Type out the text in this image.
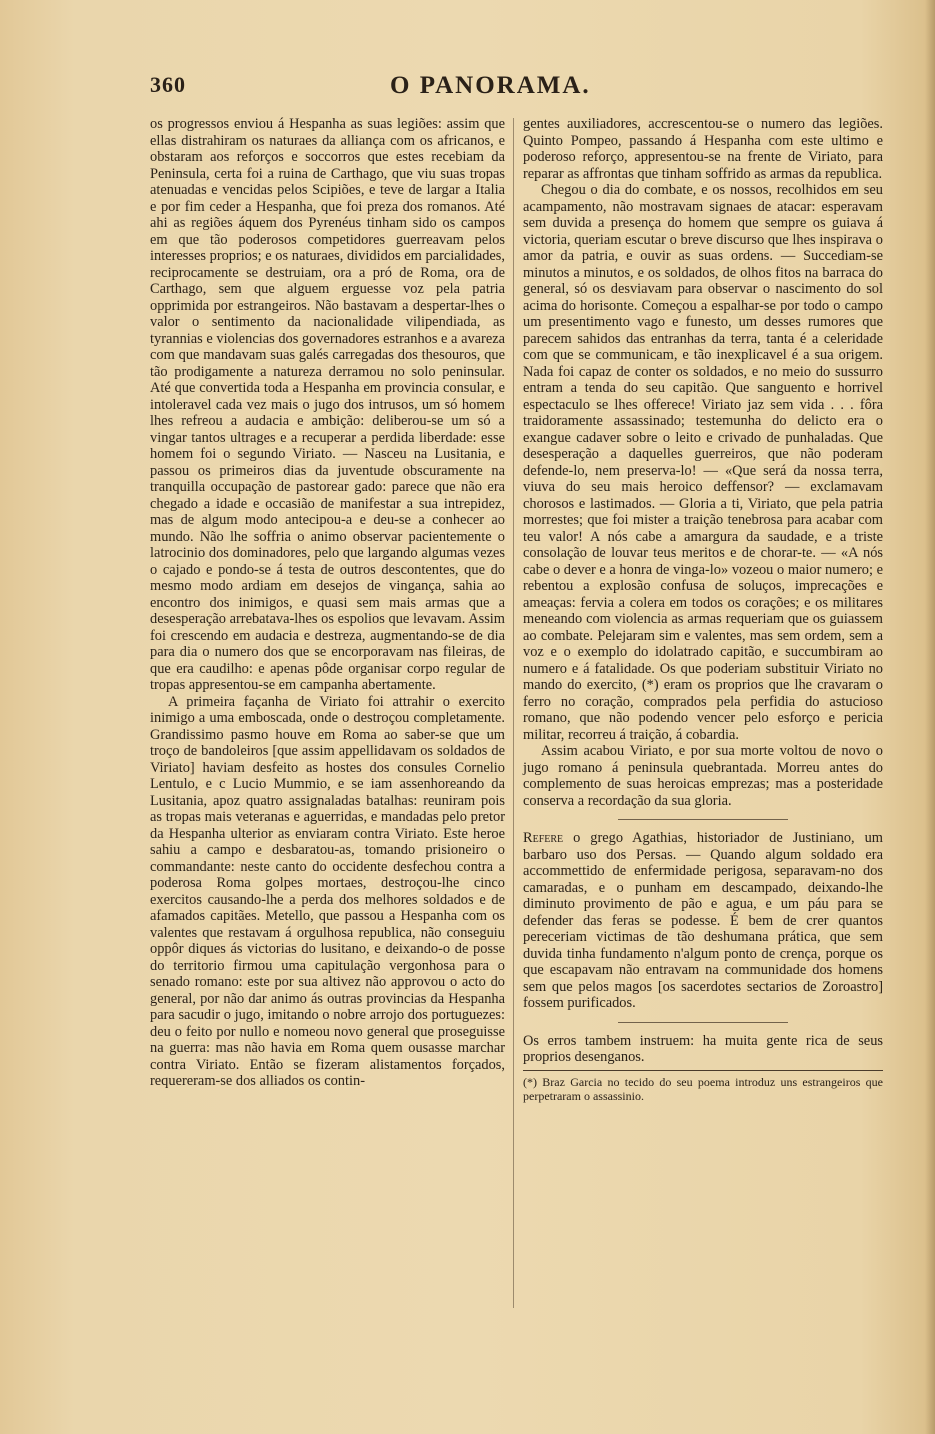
360	O PANORAMA.

os progressos enviou á Hespanha as suas legiões: assim que ellas distrahiram os naturaes da alliança com os africanos, e obstaram aos reforços e soccorros que estes recebiam da Peninsula, certa foi a ruina de Carthago, que viu suas tropas atenuadas e vencidas pelos Scipiões, e teve de largar a Italia e por fim ceder a Hespanha, que foi preza dos romanos. Até ahi as regiões áquem dos Pyrenéus tinham sido os campos em que tão poderosos competidores guerreavam pelos interesses proprios; e os naturaes, divididos em parcialidades, reciprocamente se destruiam, ora a pró de Roma, ora de Carthago, sem que alguem erguesse voz pela patria opprimida por estrangeiros. Não bastavam a despertar-lhes o valor o sentimento da nacionalidade vilipendiada, as tyrannias e violencias dos governadores estranhos e a avareza com que mandavam suas galés carregadas dos thesouros, que tão prodigamente a natureza derramou no solo peninsular. Até que convertida toda a Hespanha em provincia consular, e intoleravel cada vez mais o jugo dos intrusos, um só homem lhes refreou a audacia e ambição: deliberou-se um só a vingar tantos ultrages e a recuperar a perdida liberdade: esse homem foi o segundo Viriato. — Nasceu na Lusitania, e passou os primeiros dias da juventude obscuramente na tranquilla occupação de pastorear gado: parece que não era chegado a idade e occasião de manifestar a sua intrepidez, mas de algum modo antecipou-a e deu-se a conhecer ao mundo. Não lhe soffria o animo observar pacientemente o latrocinio dos dominadores, pelo que largando algumas vezes o cajado e pondo-se á testa de outros descontentes, que do mesmo modo ardiam em desejos de vingança, sahia ao encontro dos inimigos, e quasi sem mais armas que a desesperação arrebatava-lhes os espolios que levavam. Assim foi crescendo em audacia e destreza, augmentando-se de dia para dia o numero dos que se encorporavam nas fileiras, de que era caudilho: e apenas pôde organisar corpo regular de tropas appresentou-se em campanha abertamente.

A primeira façanha de Viriato foi attrahir o exercito inimigo a uma emboscada, onde o destroçou completamente. Grandissimo pasmo houve em Roma ao saber-se que um troço de bandoleiros [que assim appellidavam os soldados de Viriato] haviam desfeito as hostes dos consules Cornelio Lentulo, e c Lucio Mummio, e se iam assenhoreando da Lusitania, apoz quatro assignaladas batalhas: reuniram pois as tropas mais veteranas e aguerridas, e mandadas pelo pretor da Hespanha ulterior as enviaram contra Viriato. Este heroe sahiu a campo e desbaratou-as, tomando prisioneiro o commandante: neste canto do occidente desfechou contra a poderosa Roma golpes mortaes, destroçou-lhe cinco exercitos causando-lhe a perda dos melhores soldados e de afamados capitães. Metello, que passou a Hespanha com os valentes que restavam á orgulhosa republica, não conseguiu oppôr diques ás victorias do lusitano, e deixando-o de posse do territorio firmou uma capitulação vergonhosa para o senado romano: este por sua altivez não approvou o acto do general, por não dar animo ás outras provincias da Hespanha para sacudir o jugo, imitando o nobre arrojo dos portuguezes: deu o feito por nullo e nomeou novo general que proseguisse na guerra: mas não havia em Roma quem ousasse marchar contra Viriato. Então se fizeram alistamentos forçados, requereram-se dos alliados os contin-

gentes auxiliadores, accrescentou-se o numero das legiões. Quinto Pompeo, passando á Hespanha com este ultimo e poderoso reforço, appresentou-se na frente de Viriato, para reparar as affrontas que tinham soffrido as armas da republica.

Chegou o dia do combate, e os nossos, recolhidos em seu acampamento, não mostravam signaes de atacar: esperavam sem duvida a presença do homem que sempre os guiava á victoria, queriam escutar o breve discurso que lhes inspirava o amor da patria, e ouvir as suas ordens. — Succediam-se minutos a minutos, e os soldados, de olhos fitos na barraca do general, só os desviavam para observar o nascimento do sol acima do horisonte. Começou a espalhar-se por todo o campo um presentimento vago e funesto, um desses rumores que parecem sahidos das entranhas da terra, tanta é a celeridade com que se communicam, e tão inexplicavel é a sua origem. Nada foi capaz de conter os soldados, e no meio do sussurro entram a tenda do seu capitão. Que sanguento e horrivel espectaculo se lhes offerece! Viriato jaz sem vida . . . fôra traidoramente assassinado; testemunha do delicto era o exangue cadaver sobre o leito e crivado de punhaladas. Que desesperação a daquelles guerreiros, que não poderam defende-lo, nem preserva-lo! — «Que será da nossa terra, viuva do seu mais heroico deffensor? — exclamavam chorosos e lastimados. — Gloria a ti, Viriato, que pela patria morrestes; que foi mister a traição tenebrosa para acabar com teu valor! A nós cabe a amargura da saudade, e a triste consolação de louvar teus meritos e de chorar-te. — «A nós cabe o dever e a honra de vinga-lo» vozeou o maior numero; e rebentou a explosão confusa de soluços, imprecações e ameaças: fervia a colera em todos os corações; e os militares meneando com violencia as armas requeriam que os guiassem ao combate. Pelejaram sim e valentes, mas sem ordem, sem a voz e o exemplo do idolatrado capitão, e succumbiram ao numero e á fatalidade. Os que poderiam substituir Viriato no mando do exercito, (*) eram os proprios que lhe cravaram o ferro no coração, comprados pela perfidia do astucioso romano, que não podendo vencer pelo esforço e pericia militar, recorreu á traição, á cobardia.

Assim acabou Viriato, e por sua morte voltou de novo o jugo romano á peninsula quebrantada. Morreu antes do complemento de suas heroicas emprezas; mas a posteridade conserva a recordação da sua gloria.

Refere o grego Agathias, historiador de Justiniano, um barbaro uso dos Persas. — Quando algum soldado era accommettido de enfermidade perigosa, separavam-no dos camaradas, e o punham em descampado, deixando-lhe diminuto provimento de pão e agua, e um páu para se defender das feras se podesse. É bem de crer quantos pereceriam victimas de tão deshumana prática, que sem duvida tinha fundamento n'algum ponto de crença, porque os que escapavam não entravam na communidade dos homens sem que pelos magos [os sacerdotes sectarios de Zoroastro] fossem purificados.

Os erros tambem instruem: ha muita gente rica de seus proprios desenganos.

(*) Braz Garcia no tecido do seu poema introduz uns estrangeiros que perpetraram o assassinio.
